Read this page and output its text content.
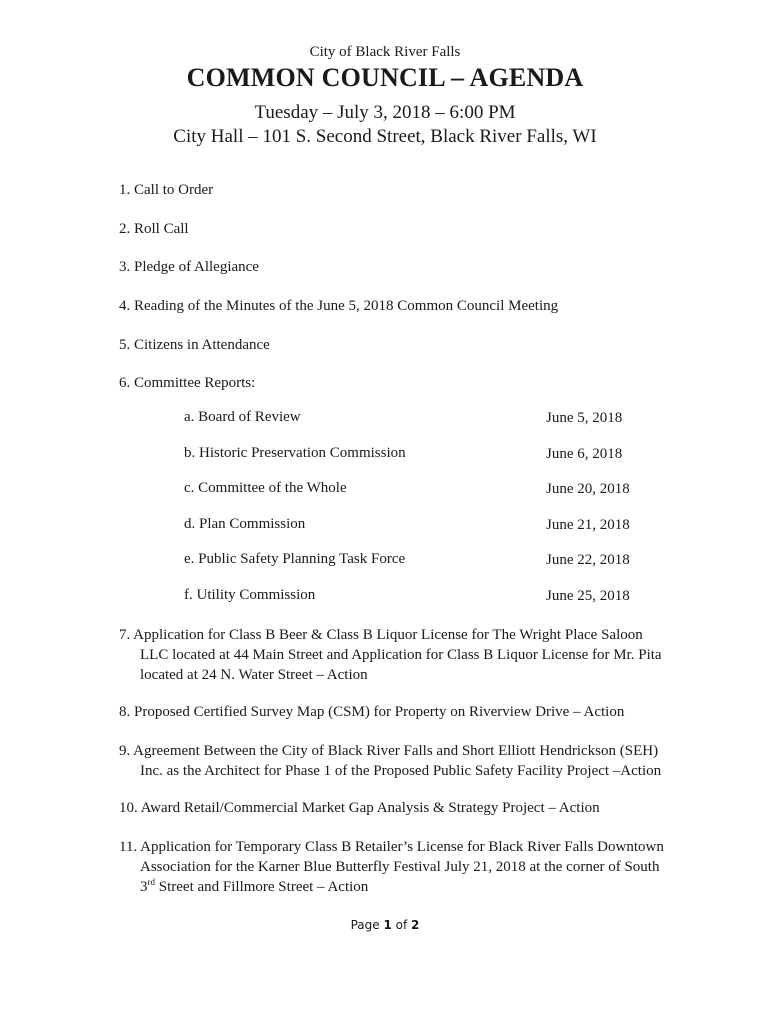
City of Black River Falls
COMMON COUNCIL – AGENDA
Tuesday – July 3, 2018 – 6:00 PM
City Hall – 101 S. Second Street, Black River Falls, WI
1. Call to Order
2. Roll Call
3. Pledge of Allegiance
4. Reading of the Minutes of the June 5, 2018 Common Council Meeting
5. Citizens in Attendance
6. Committee Reports:
a. Board of Review	June 5, 2018
b. Historic Preservation Commission	June 6, 2018
c. Committee of the Whole	June 20, 2018
d. Plan Commission	June 21, 2018
e. Public Safety Planning Task Force	June 22, 2018
f. Utility Commission	June 25, 2018
7. Application for Class B Beer & Class B Liquor License for The Wright Place Saloon
LLC located at 44 Main Street and Application for Class B Liquor License for Mr. Pita
located at 24 N. Water Street – Action
8. Proposed Certified Survey Map (CSM) for Property on Riverview Drive – Action
9. Agreement Between the City of Black River Falls and Short Elliott Hendrickson (SEH)
Inc. as the Architect for Phase 1 of the Proposed Public Safety Facility Project –Action
10. Award Retail/Commercial Market Gap Analysis & Strategy Project – Action
11. Application for Temporary Class B Retailer’s License for Black River Falls Downtown
Association for the Karner Blue Butterfly Festival July 21, 2018 at the corner of South
3rd Street and Fillmore Street – Action
Page 1 of 2
